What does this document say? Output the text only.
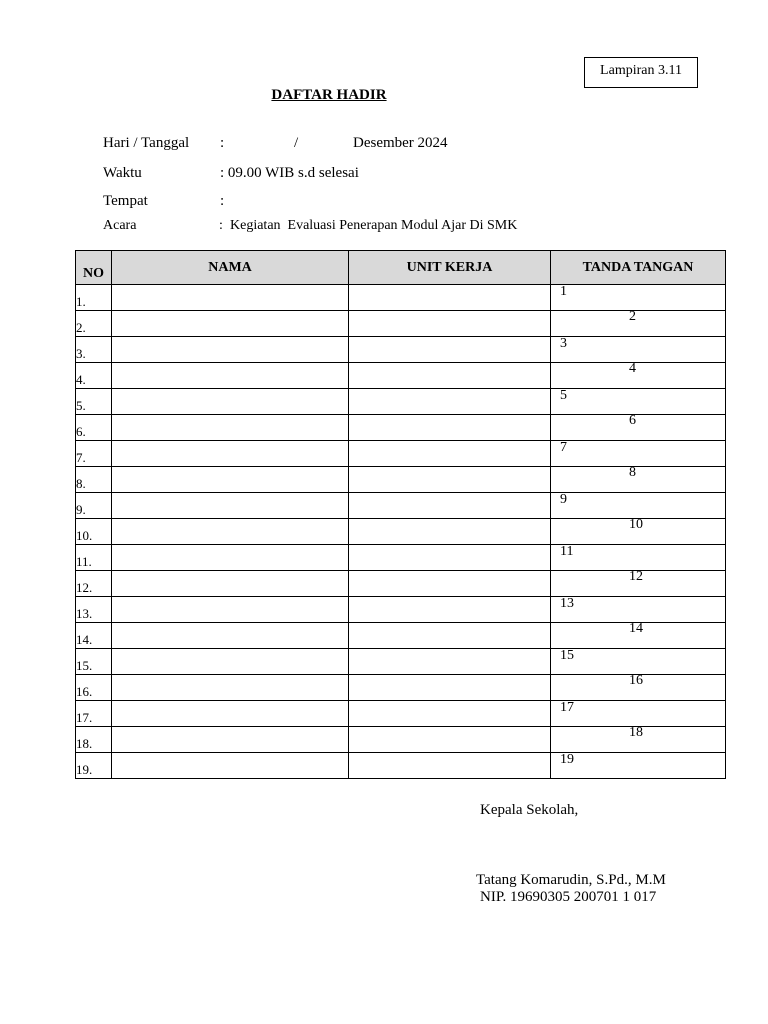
Lampiran 3.11
DAFTAR HADIR
Hari / Tanggal :	/	Desember 2024
Waktu	: 09.00 WIB s.d selesai
Tempat	:
Acara	: Kegiatan  Evaluasi Penerapan Modul Ajar Di SMK
NO	NAMA	UNIT KERJA	TANDA TANGAN
1.			1

2.			2

3.			3

4.			4

5.			5

6.			6

7.			7

8.			8

9.			9

10.			10

11.			11

12.			12

13.			13

14.			14

15.			15

16.			16

17.			17

18.			18

19.			19
Kepala Sekolah,
Tatang Komarudin, S.Pd., M.M
NIP. 19690305 200701 1 017
